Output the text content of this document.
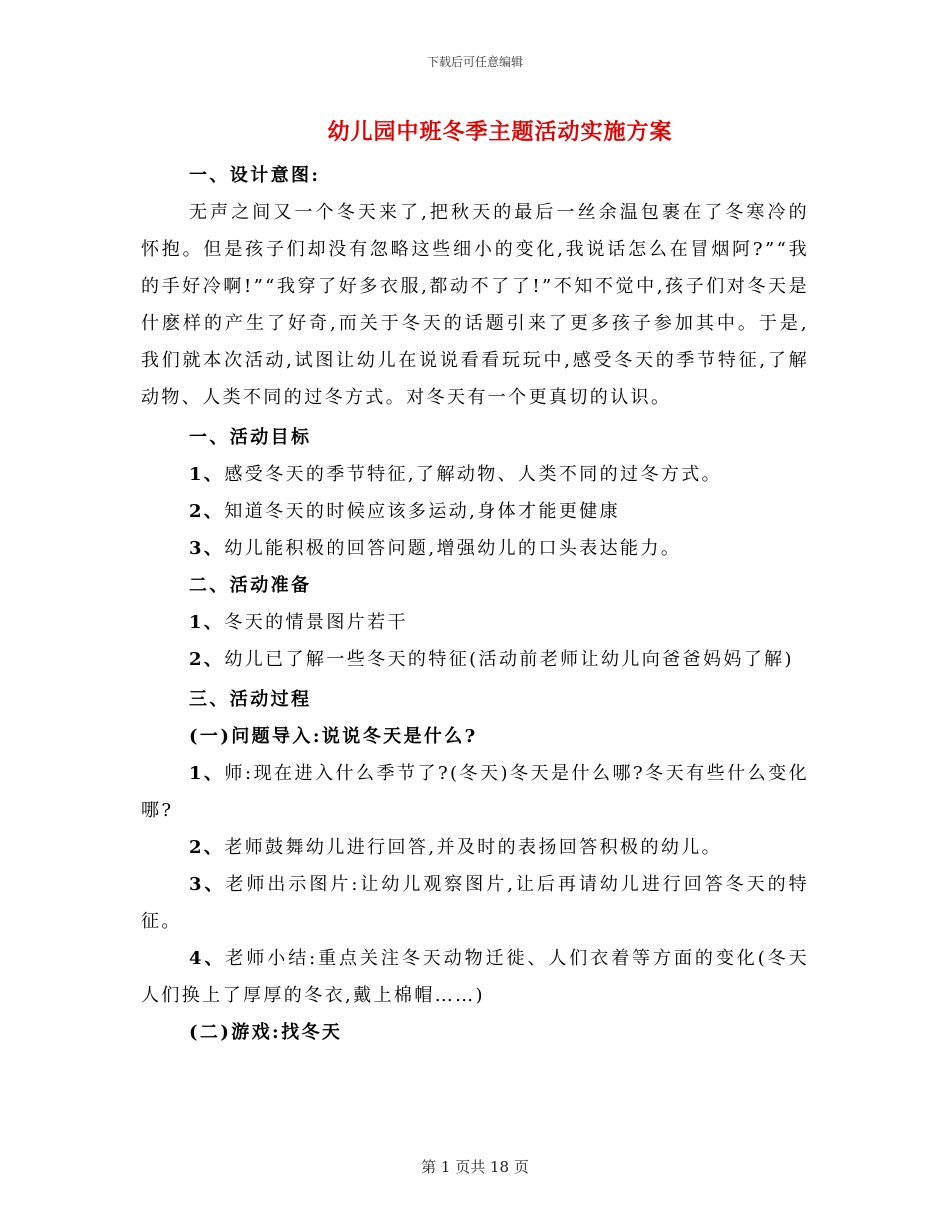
下载后可任意编辑
幼儿园中班冬季主题活动实施方案

一、设计意图:

无声之间又一个冬天来了,把秋天的最后一丝余温包裹在了冬寒冷的怀抱。但是孩子们却没有忽略这些细小的变化,我说话怎么在冒烟阿?”“我的手好冷啊!”“我穿了好多衣服,都动不了了!”不知不觉中,孩子们对冬天是什麽样的产生了好奇,而关于冬天的话题引来了更多孩子参加其中。于是,我们就本次活动,试图让幼儿在说说看看玩玩中,感受冬天的季节特征,了解动物、人类不同的过冬方式。对冬天有一个更真切的认识。

一、活动目标

1、感受冬天的季节特征,了解动物、人类不同的过冬方式。

2、知道冬天的时候应该多运动,身体才能更健康

3、幼儿能积极的回答问题,增强幼儿的口头表达能力。

二、活动准备

1、冬天的情景图片若干

2、幼儿已了解一些冬天的特征(活动前老师让幼儿向爸爸妈妈了解)

三、活动过程

(一)问题导入:说说冬天是什么?

1、师:现在进入什么季节了?(冬天)冬天是什么哪?冬天有些什么变化哪?

2、老师鼓舞幼儿进行回答,并及时的表扬回答积极的幼儿。

3、老师出示图片:让幼儿观察图片,让后再请幼儿进行回答冬天的特征。

4、老师小结:重点关注冬天动物迁徙、人们衣着等方面的变化(冬天人们换上了厚厚的冬衣,戴上棉帽……)

(二)游戏:找冬天

第 1 页共 18 页
